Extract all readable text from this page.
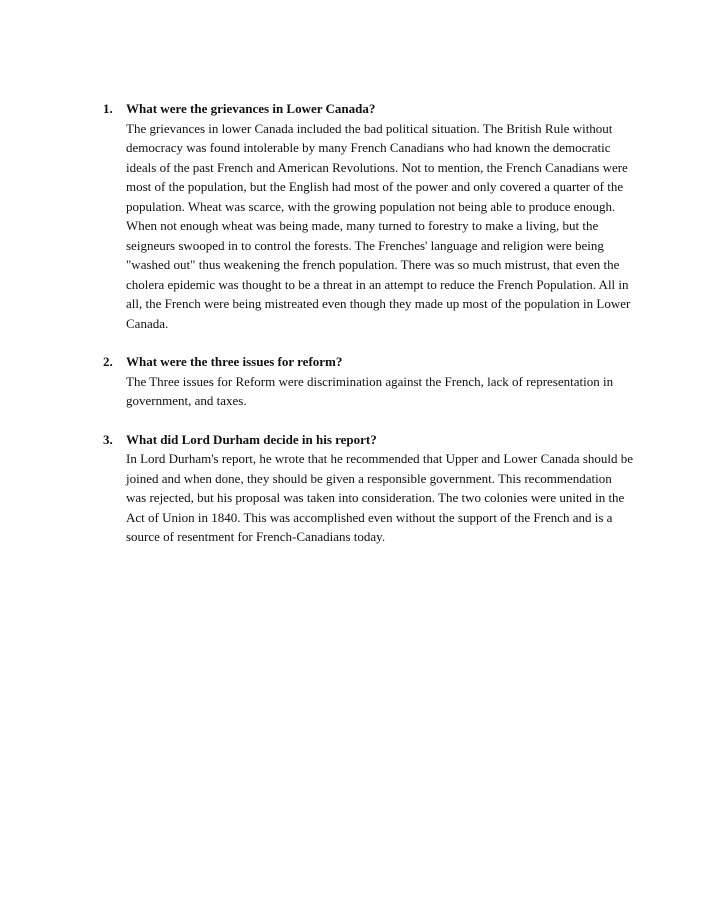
1. What were the grievances in Lower Canada?

The grievances in lower Canada included the bad political situation. The British Rule without democracy was found intolerable by many French Canadians who had known the democratic ideals of the past French and American Revolutions. Not to mention, the French Canadians were most of the population, but the English had most of the power and only covered a quarter of the population. Wheat was scarce, with the growing population not being able to produce enough. When not enough wheat was being made, many turned to forestry to make a living, but the seigneurs swooped in to control the forests. The Frenches' language and religion were being "washed out" thus weakening the french population. There was so much mistrust, that even the cholera epidemic was thought to be a threat in an attempt to reduce the French Population. All in all, the French were being mistreated even though they made up most of the population in Lower Canada.

2. What were the three issues for reform?

The Three issues for Reform were discrimination against the French, lack of representation in government, and taxes.

3. What did Lord Durham decide in his report?

In Lord Durham's report, he wrote that he recommended that Upper and Lower Canada should be joined and when done, they should be given a responsible government. This recommendation was rejected, but his proposal was taken into consideration. The two colonies were united in the Act of Union in 1840. This was accomplished even without the support of the French and is a source of resentment for French-Canadians today.
